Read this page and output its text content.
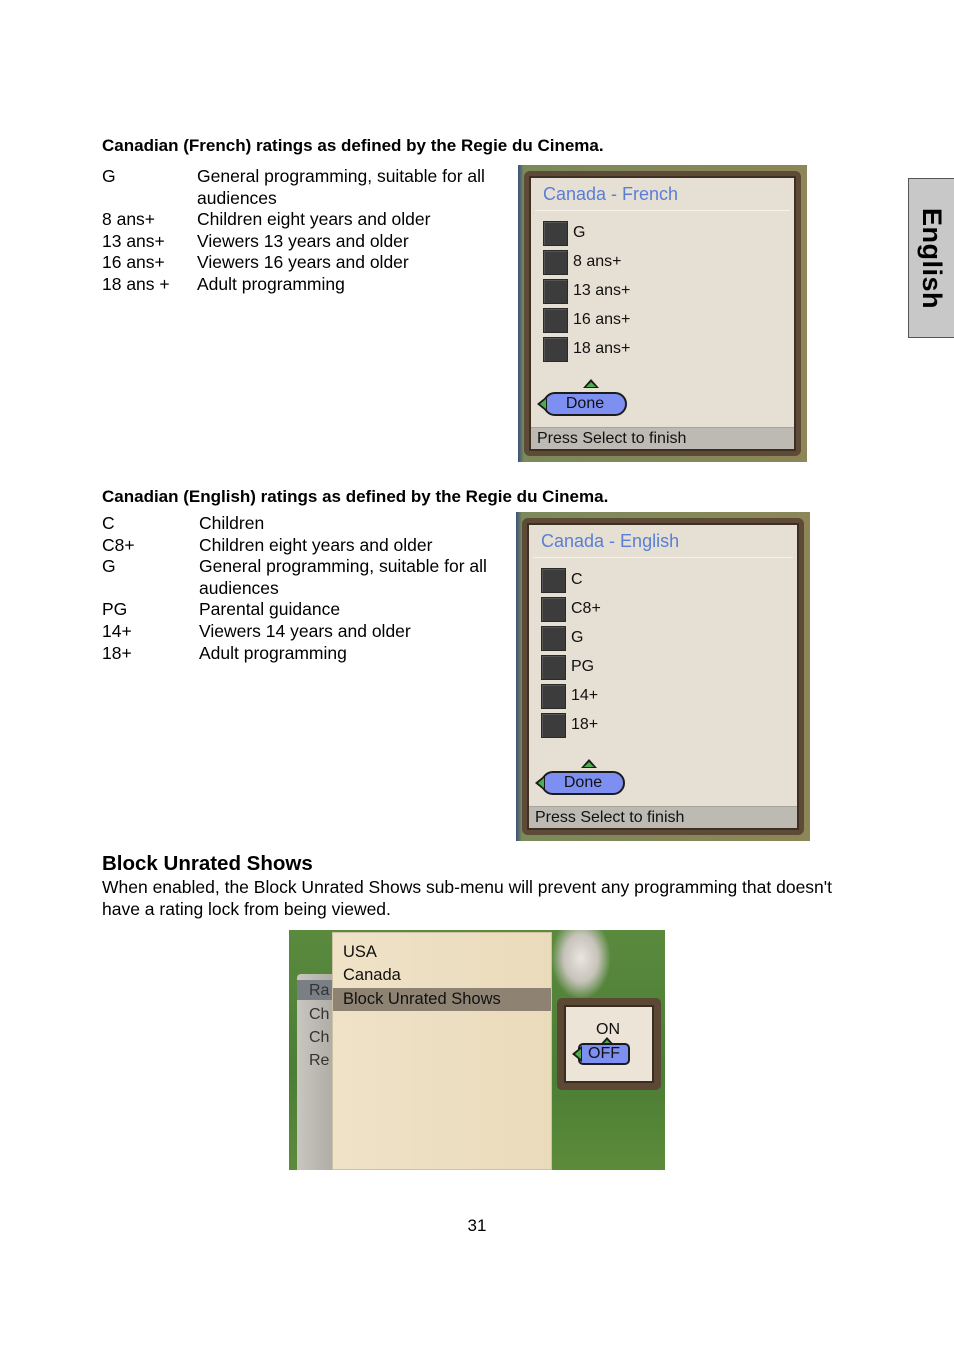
English
Canadian (French) ratings as defined by the Regie du Cinema.
G	General programming, suitable for all audiences
8 ans+	Children eight years and older
13 ans+	Viewers 13 years and older
16 ans+	Viewers 16 years and older
18 ans +	Adult programming
Canada - French
G
8 ans+
13 ans+
16 ans+
18 ans+
Done
Press Select to finish
Canadian (English) ratings as defined by the Regie du Cinema.
C	Children
C8+	Children eight years and older
G	General programming, suitable for all audiences
PG	Parental guidance
14+	Viewers 14 years and older
18+	Adult programming
Canada - English
C
C8+
G
PG
14+
18+
Done
Press Select to finish
Block Unrated Shows
When enabled, the Block Unrated Shows sub-menu will prevent any programming that doesn't have a rating lock from being viewed.
Ra
Ch
Ch
Re
USA
Canada
Block Unrated Shows
ON
OFF
31
